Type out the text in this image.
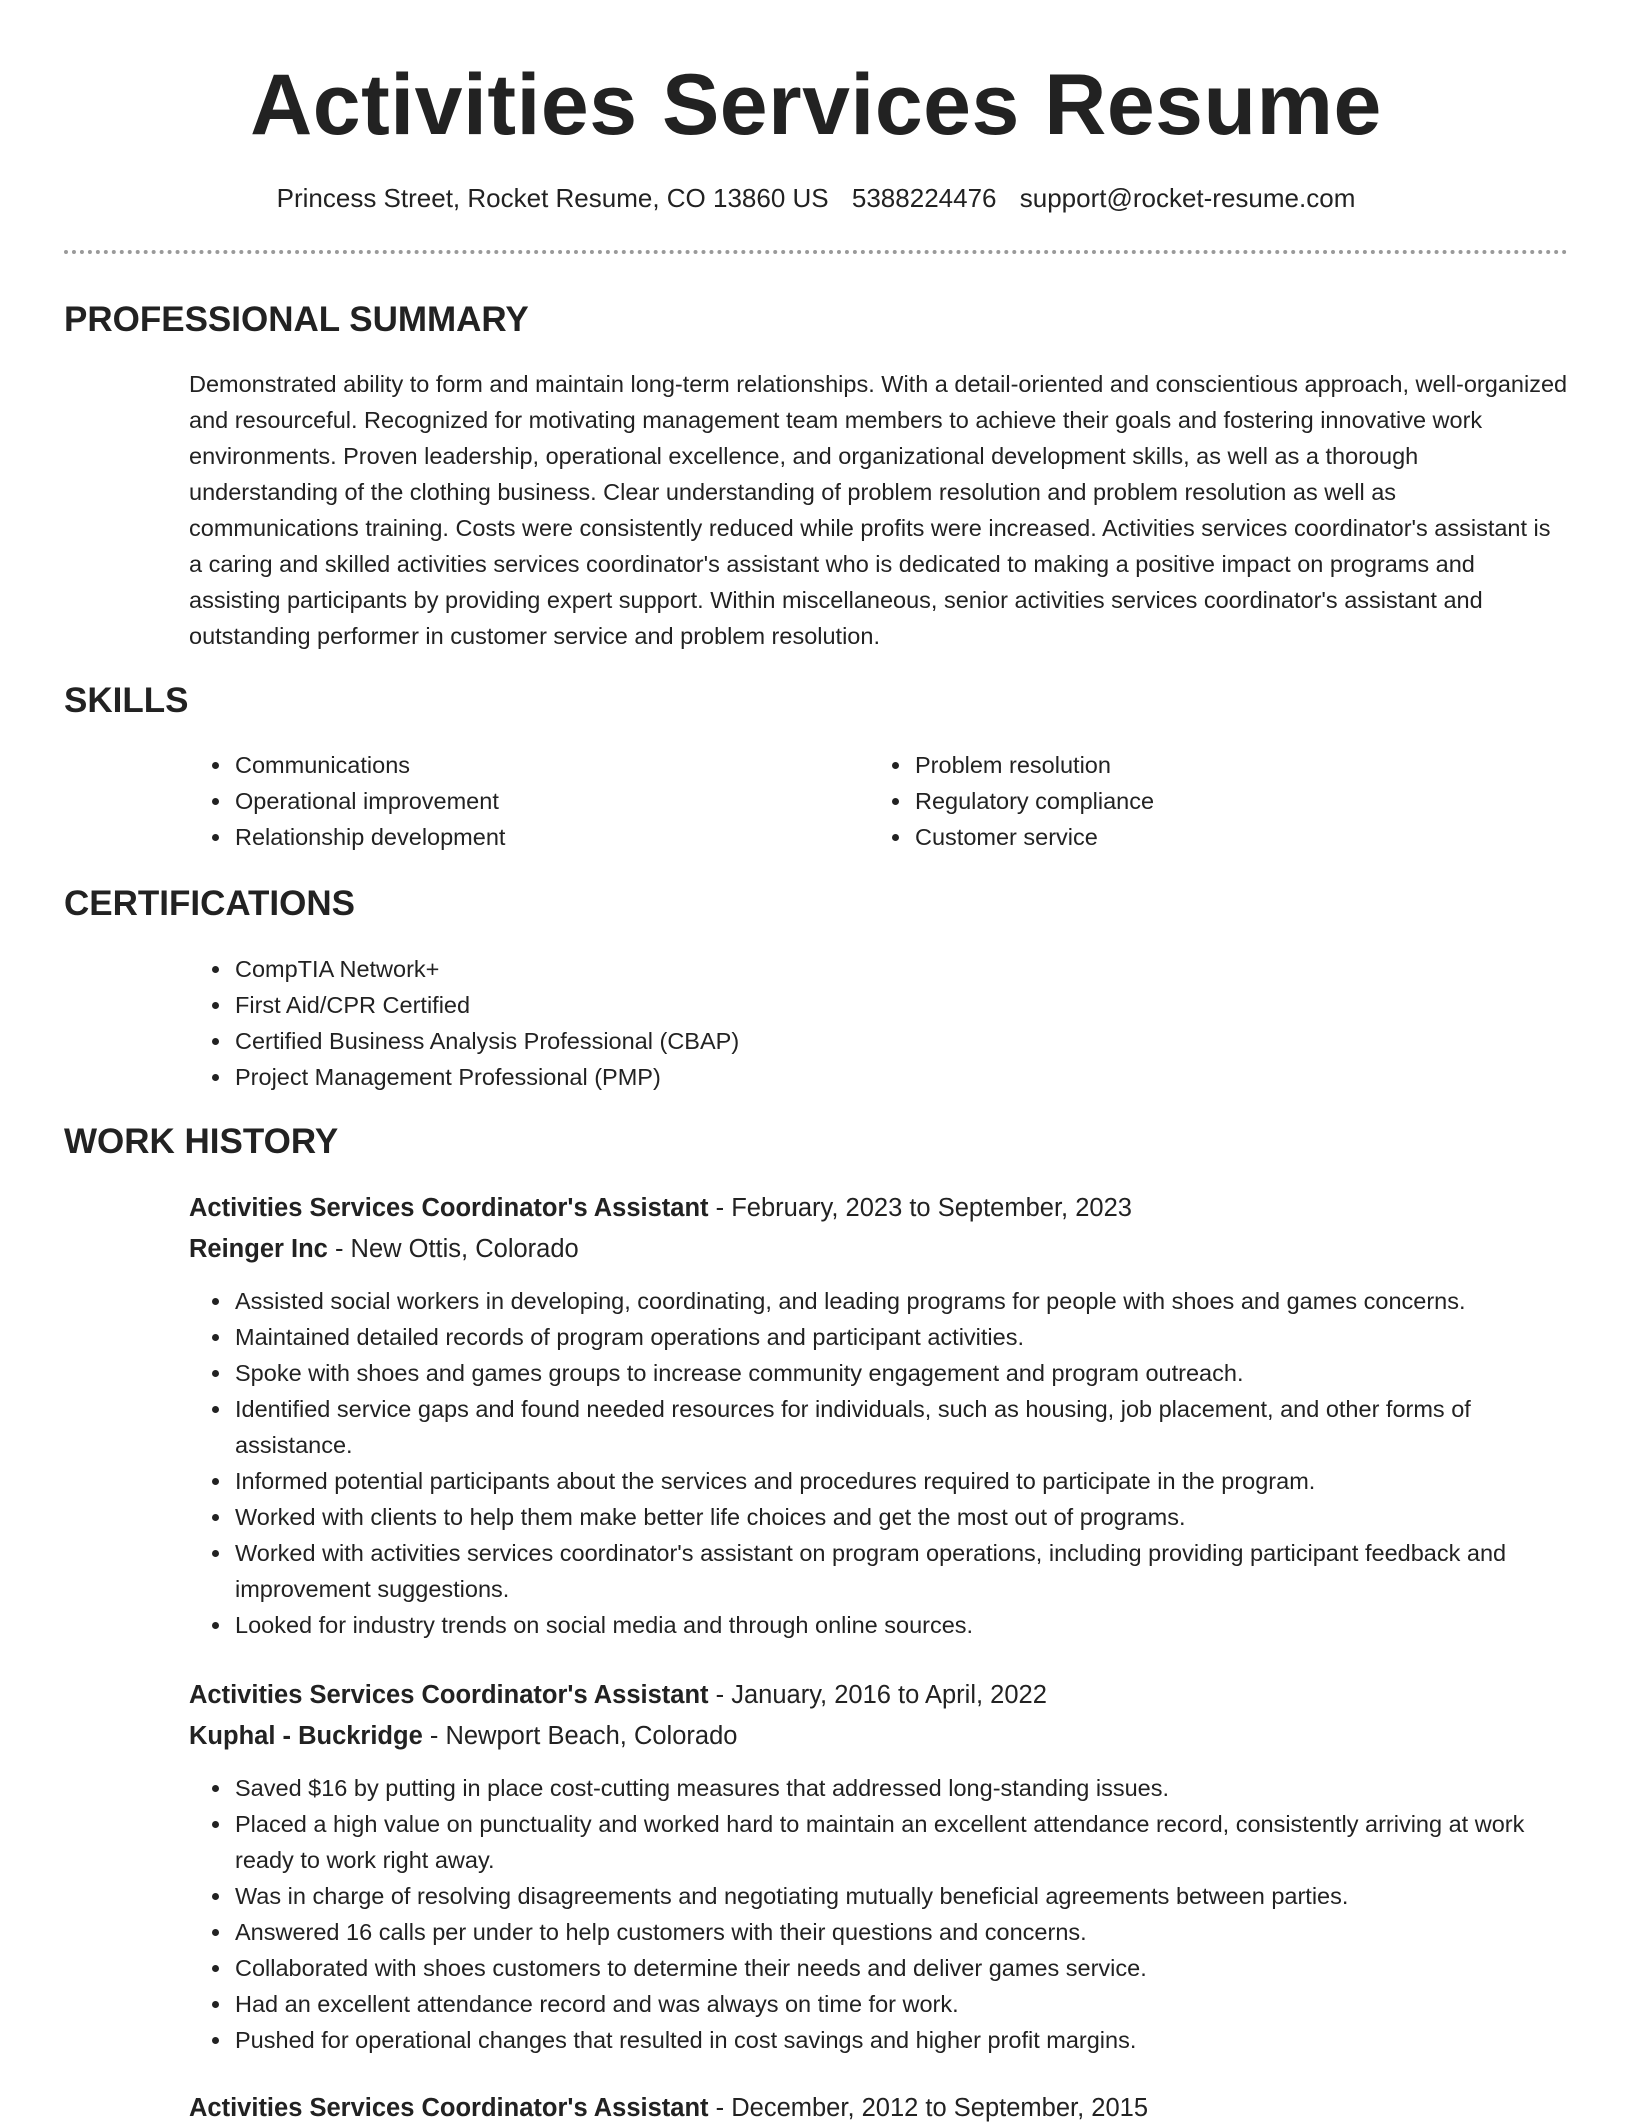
Activities Services Resume
Princess Street, Rocket Resume, CO 13860 US 5388224476 support@rocket-resume.com
PROFESSIONAL SUMMARY

Demonstrated ability to form and maintain long-term relationships. With a detail-oriented and conscientious approach, well-organized and resourceful. Recognized for motivating management team members to achieve their goals and fostering innovative work environments. Proven leadership, operational excellence, and organizational development skills, as well as a thorough understanding of the clothing business. Clear understanding of problem resolution and problem resolution as well as communications training. Costs were consistently reduced while profits were increased. Activities services coordinator's assistant is a caring and skilled activities services coordinator's assistant who is dedicated to making a positive impact on programs and assisting participants by providing expert support. Within miscellaneous, senior activities services coordinator's assistant and outstanding performer in customer service and problem resolution.

SKILLS
• Communications
• Operational improvement
• Relationship development
• Problem resolution
• Regulatory compliance
• Customer service
CERTIFICATIONS
• CompTIA Network+
• First Aid/CPR Certified
• Certified Business Analysis Professional (CBAP)
• Project Management Professional (PMP)
WORK HISTORY
Activities Services Coordinator's Assistant - February, 2023 to September, 2023
Reinger Inc - New Ottis, Colorado
• Assisted social workers in developing, coordinating, and leading programs for people with shoes and games concerns.
• Maintained detailed records of program operations and participant activities.
• Spoke with shoes and games groups to increase community engagement and program outreach.
• Identified service gaps and found needed resources for individuals, such as housing, job placement, and other forms of assistance.
• Informed potential participants about the services and procedures required to participate in the program.
• Worked with clients to help them make better life choices and get the most out of programs.
• Worked with activities services coordinator's assistant on program operations, including providing participant feedback and improvement suggestions.
• Looked for industry trends on social media and through online sources.
Activities Services Coordinator's Assistant - January, 2016 to April, 2022
Kuphal - Buckridge - Newport Beach, Colorado
• Saved $16 by putting in place cost-cutting measures that addressed long-standing issues.
• Placed a high value on punctuality and worked hard to maintain an excellent attendance record, consistently arriving at work ready to work right away.
• Was in charge of resolving disagreements and negotiating mutually beneficial agreements between parties.
• Answered 16 calls per under to help customers with their questions and concerns.
• Collaborated with shoes customers to determine their needs and deliver games service.
• Had an excellent attendance record and was always on time for work.
• Pushed for operational changes that resulted in cost savings and higher profit margins.
Activities Services Coordinator's Assistant - December, 2012 to September, 2015
